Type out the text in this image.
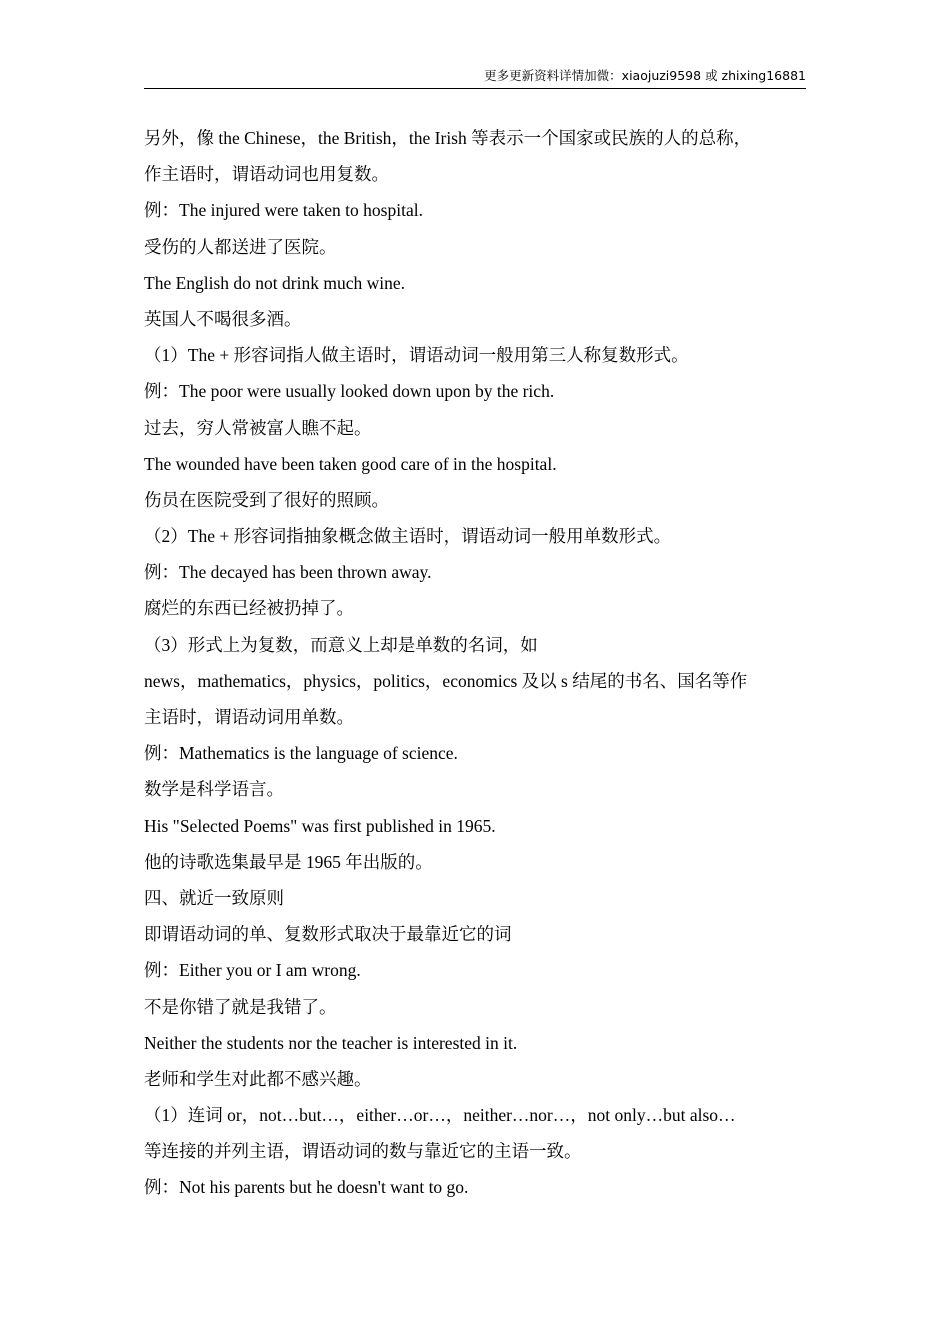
更多更新资料详情加微：xiaojuzi9598 或 zhixing16881
另外，像 the Chinese，the British，the Irish 等表示一个国家或民族的人的总称，
作主语时，谓语动词也用复数。
例：The injured were taken to hospital.
受伤的人都送进了医院。
The English do not drink much wine.
英国人不喝很多酒。
（1）The + 形容词指人做主语时，谓语动词一般用第三人称复数形式。
例：The poor were usually looked down upon by the rich.
过去，穷人常被富人瞧不起。
The wounded have been taken good care of in the hospital.
伤员在医院受到了很好的照顾。
（2）The + 形容词指抽象概念做主语时，谓语动词一般用单数形式。
例：The decayed has been thrown away.
腐烂的东西已经被扔掉了。
（3）形式上为复数，而意义上却是单数的名词，如
news，mathematics，physics，politics，economics 及以 s 结尾的书名、国名等作
主语时，谓语动词用单数。
例：Mathematics is the language of science.
数学是科学语言。
His "Selected Poems" was first published in 1965.
他的诗歌选集最早是 1965 年出版的。
四、就近一致原则
即谓语动词的单、复数形式取决于最靠近它的词
例：Either you or I am wrong.
不是你错了就是我错了。
Neither the students nor the teacher is interested in it.
老师和学生对此都不感兴趣。
（1）连词 or，not…but…，either…or…，neither…nor…，not only…but also…
等连接的并列主语，谓语动词的数与靠近它的主语一致。
例：Not his parents but he doesn't want to go.
